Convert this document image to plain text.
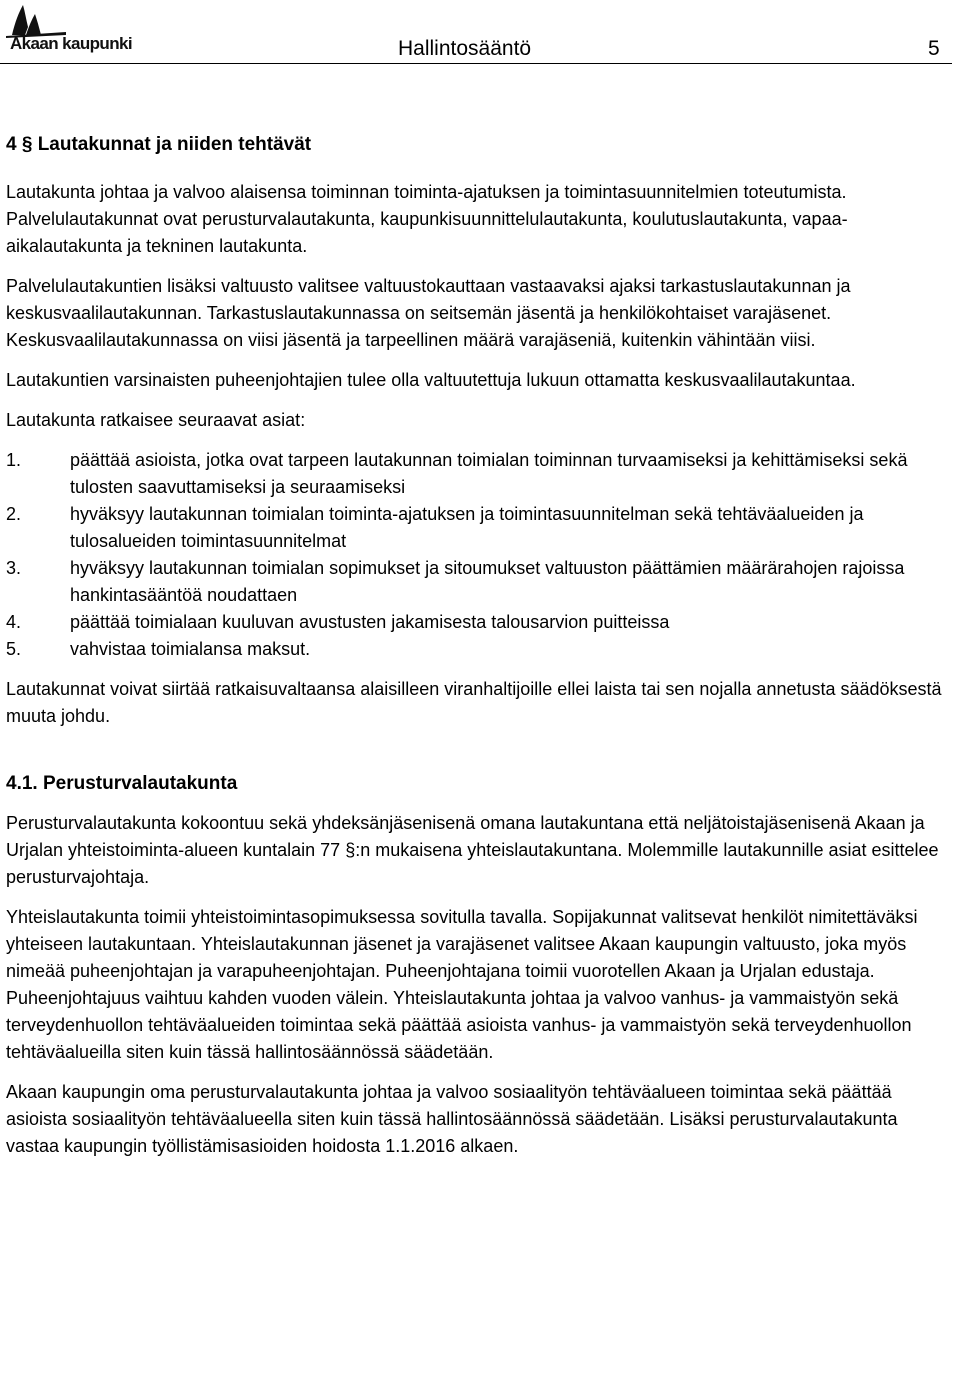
Akaan kaupunki	Hallintosääntö	5

4 § Lautakunnat ja niiden tehtävät

Lautakunta johtaa ja valvoo alaisensa toiminnan toiminta-ajatuksen ja toimintasuunnitelmien toteutumista. Palvelulautakunnat ovat perusturvalautakunta, kaupunkisuunnittelulautakunta, koulutuslautakunta, vapaa-aikalautakunta ja tekninen lautakunta.

Palvelulautakuntien lisäksi valtuusto valitsee valtuustokauttaan vastaavaksi ajaksi tarkastuslautakunnan ja keskusvaalilautakunnan. Tarkastuslautakunnassa on seitsemän jäsentä ja henkilökohtaiset varajäsenet. Keskusvaalilautakunnassa on viisi jäsentä ja tarpeellinen määrä varajäseniä, kuitenkin vähintään viisi.

Lautakuntien varsinaisten puheenjohtajien tulee olla valtuutettuja lukuun ottamatta keskusvaalilautakuntaa.

Lautakunta ratkaisee seuraavat asiat:

1.	päättää asioista, jotka ovat tarpeen lautakunnan toimialan toiminnan turvaamiseksi ja kehittämiseksi sekä tulosten saavuttamiseksi ja seuraamiseksi
2.	hyväksyy lautakunnan toimialan toiminta-ajatuksen ja toimintasuunnitelman sekä tehtäväalueiden ja tulosalueiden toimintasuunnitelmat
3.	hyväksyy lautakunnan toimialan sopimukset ja sitoumukset valtuuston päättämien määrärahojen rajoissa hankintasääntöä noudattaen
4.	päättää toimialaan kuuluvan avustusten jakamisesta talousarvion puitteissa
5.	vahvistaa toimialansa maksut.

Lautakunnat voivat siirtää ratkaisuvaltaansa alaisilleen viranhaltijoille ellei laista tai sen nojalla annetusta säädöksestä muuta johdu.

4.1. Perusturvalautakunta

Perusturvalautakunta kokoontuu sekä yhdeksänjäsenisenä omana lautakuntana että neljätoistajäsenisenä Akaan ja Urjalan yhteistoiminta-alueen kuntalain 77 §:n mukaisena yhteislautakuntana. Molemmille lautakunnille asiat esittelee perusturvajohtaja.

Yhteislautakunta toimii yhteistoimintasopimuksessa sovitulla tavalla. Sopijakunnat valitsevat henkilöt nimitettäväksi yhteiseen lautakuntaan. Yhteislautakunnan jäsenet ja varajäsenet valitsee Akaan kaupungin valtuusto, joka myös nimeää puheenjohtajan ja varapuheenjohtajan. Puheenjohtajana toimii vuorotellen Akaan ja Urjalan edustaja. Puheenjohtajuus vaihtuu kahden vuoden välein. Yhteislautakunta johtaa ja valvoo vanhus- ja vammaistyön sekä terveydenhuollon tehtäväalueiden toimintaa sekä päättää asioista vanhus- ja vammaistyön sekä terveydenhuollon tehtäväalueilla siten kuin tässä hallintosäännössä säädetään.

Akaan kaupungin oma perusturvalautakunta johtaa ja valvoo sosiaalityön tehtäväalueen toimintaa sekä päättää asioista sosiaalityön tehtäväalueella siten kuin tässä hallintosäännössä säädetään. Lisäksi perusturvalautakunta vastaa kaupungin työllistämisasioiden hoidosta 1.1.2016 alkaen.
